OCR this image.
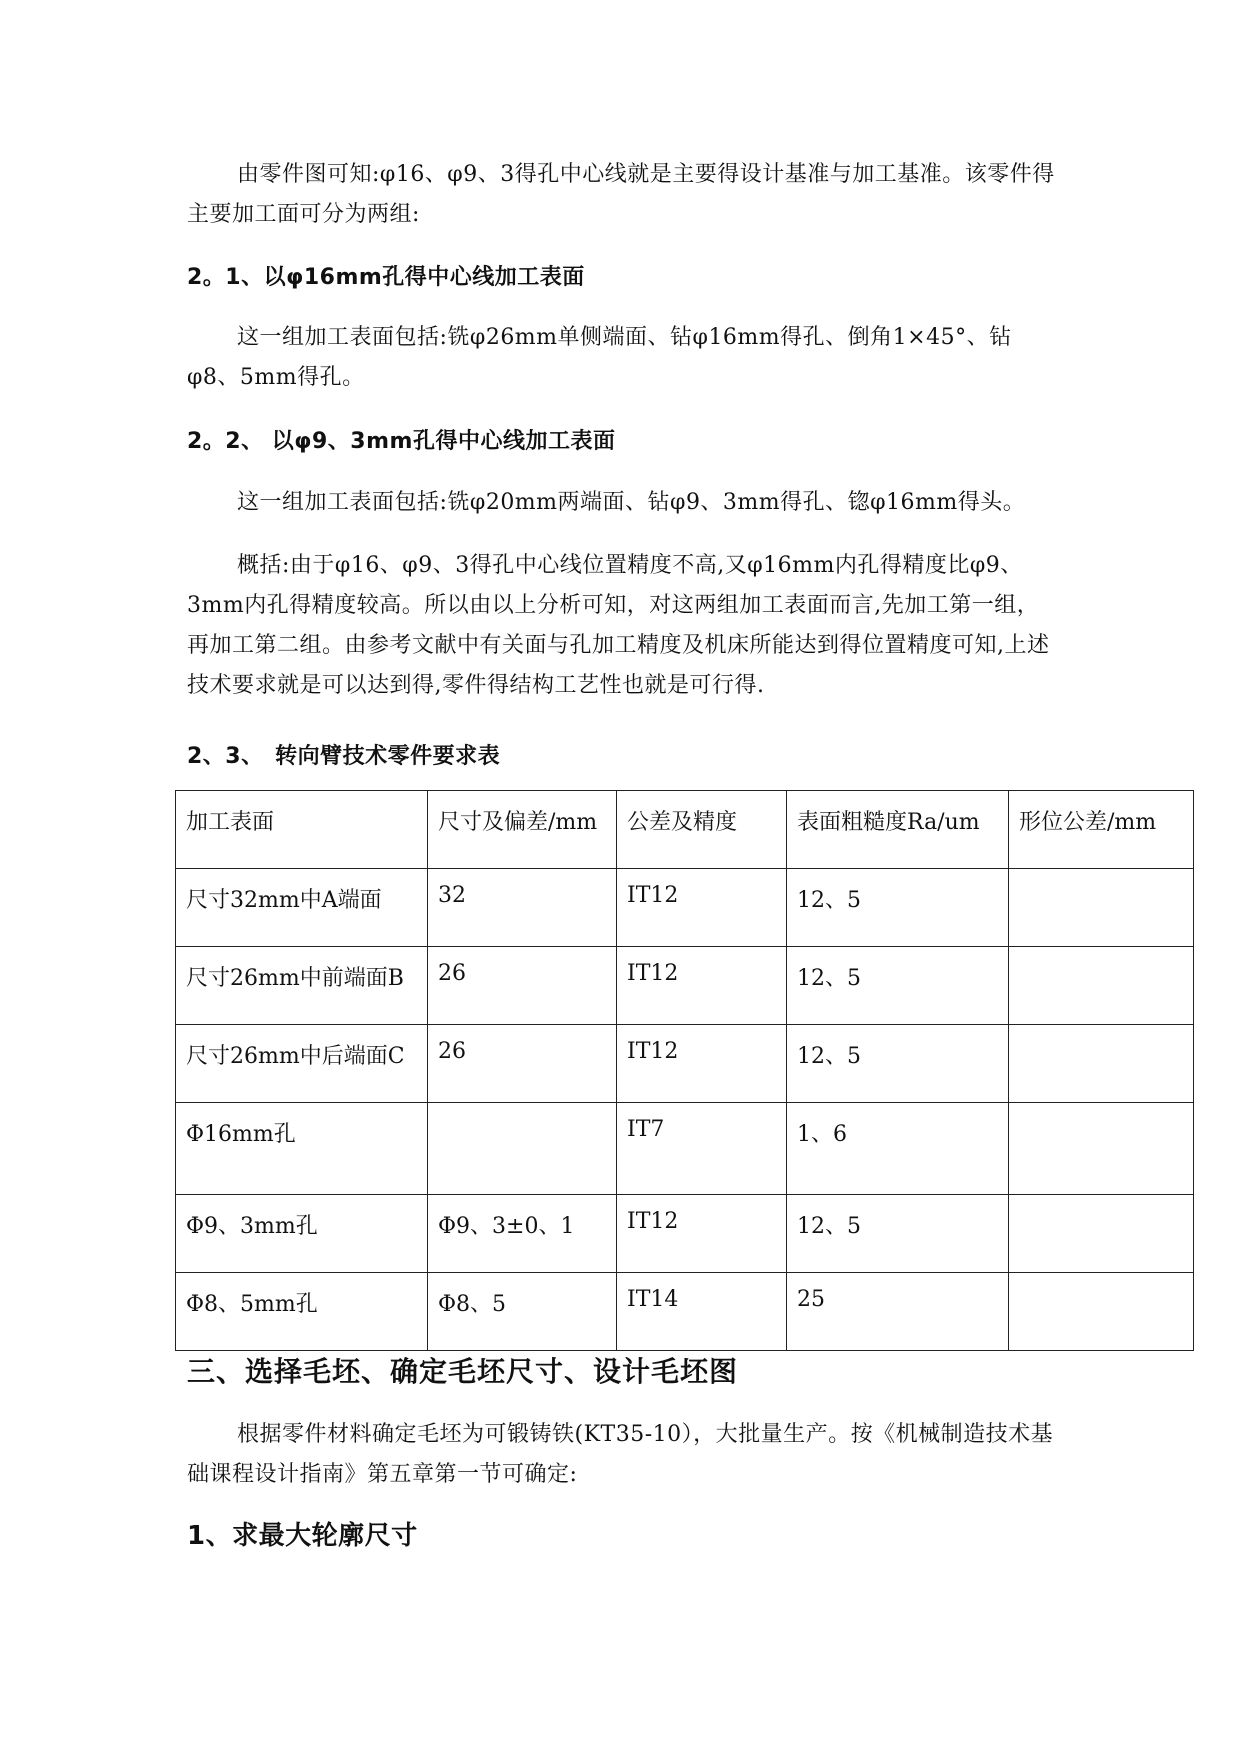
由零件图可知:φ16、φ9、3得孔中心线就是主要得设计基准与加工基准。该零件得主要加工面可分为两组:

2。1、以φ16mm孔得中心线加工表面

这一组加工表面包括:铣φ26mm单侧端面、钻φ16mm得孔、倒角1×45°、钻φ8、5mm得孔。

2。2、 以φ9、3mm孔得中心线加工表面

这一组加工表面包括:铣φ20mm两端面、钻φ9、3mm得孔、锪φ16mm得头。

概括:由于φ16、φ9、3得孔中心线位置精度不高,又φ16mm内孔得精度比φ9、3mm内孔得精度较高。所以由以上分析可知，对这两组加工表面而言,先加工第一组，再加工第二组。由参考文献中有关面与孔加工精度及机床所能达到得位置精度可知,上述技术要求就是可以达到得,零件得结构工艺性也就是可行得.

2、3、　转向臂技术零件要求表
加工表面	尺寸及偏差/mm	公差及精度	表面粗糙度Ra/um	形位公差/mm
尺寸32mm中A端面	32	IT12	12、5	
尺寸26mm中前端面B	26	IT12	12、5	
尺寸26mm中后端面C	26	IT12	12、5	
Φ16mm孔		IT7	1、6	
Φ9、3mm孔	Φ9、3±0、1	IT12	12、5	
Φ8、5mm孔	Φ8、5	IT14	25	
三、选择毛坯、确定毛坯尺寸、设计毛坯图

根据零件材料确定毛坯为可锻铸铁(KT35-10），大批量生产。按《机械制造技术基础课程设计指南》第五章第一节可确定:

1、求最大轮廓尺寸
